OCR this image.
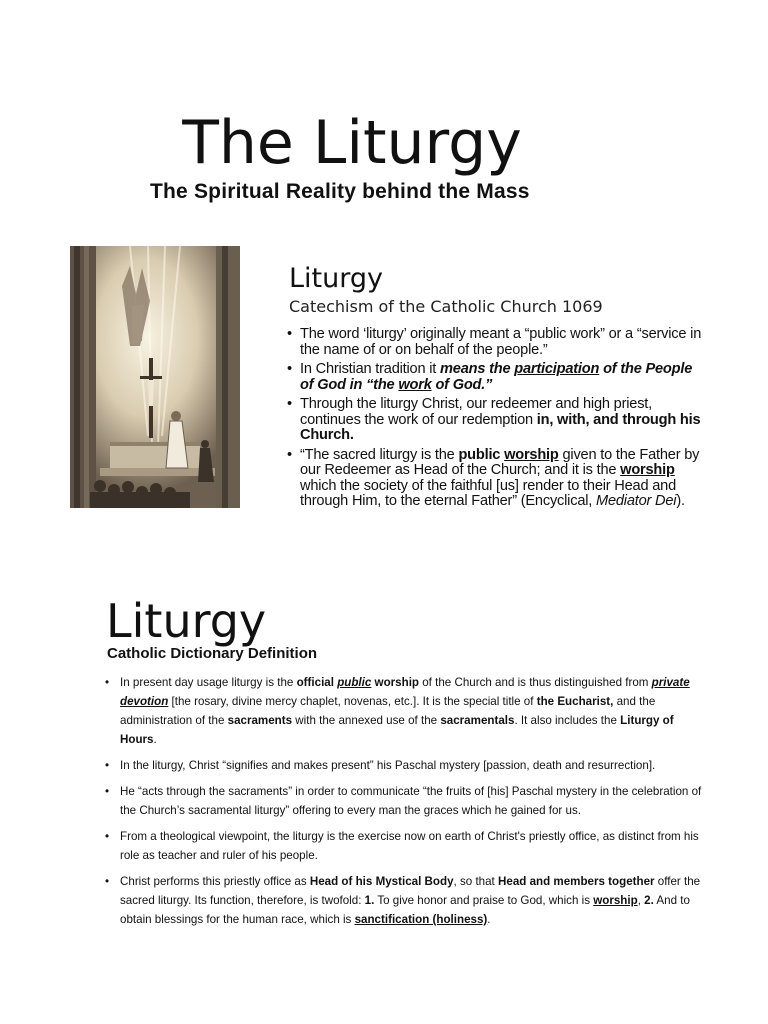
The Liturgy
The Spiritual Reality behind the Mass
Liturgy
Catechism of the Catholic Church 1069
• The word ‘liturgy’ originally meant a “public work” or a “service in the name of or on behalf of the people.”
• In Christian tradition it means the participation of the People of God in “the work of God.”
• Through the liturgy Christ, our redeemer and high priest, continues the work of our redemption in, with, and through his Church.
• “The sacred liturgy is the public worship given to the Father by our Redeemer as Head of the Church; and it is the worship which the society of the faithful [us] render to their Head and through Him, to the eternal Father” (Encyclical, Mediator Dei).
Liturgy
Catholic Dictionary Definition
• In present day usage liturgy is the official public worship of the Church and is thus distinguished from private devotion [the rosary, divine mercy chaplet, novenas, etc.]. It is the special title of the Eucharist, and the administration of the sacraments with the annexed use of the sacramentals. It also includes the Liturgy of Hours.
• In the liturgy, Christ “signifies and makes present” his Paschal mystery [passion, death and resurrection].
• He “acts through the sacraments” in order to communicate “the fruits of [his] Paschal mystery in the celebration of the Church’s sacramental liturgy” offering to every man the graces which he gained for us.
• From a theological viewpoint, the liturgy is the exercise now on earth of Christ's priestly office, as distinct from his role as teacher and ruler of his people.
• Christ performs this priestly office as Head of his Mystical Body, so that Head and members together offer the sacred liturgy. Its function, therefore, is twofold: 1. To give honor and praise to God, which is worship, 2. And to obtain blessings for the human race, which is sanctification (holiness).
